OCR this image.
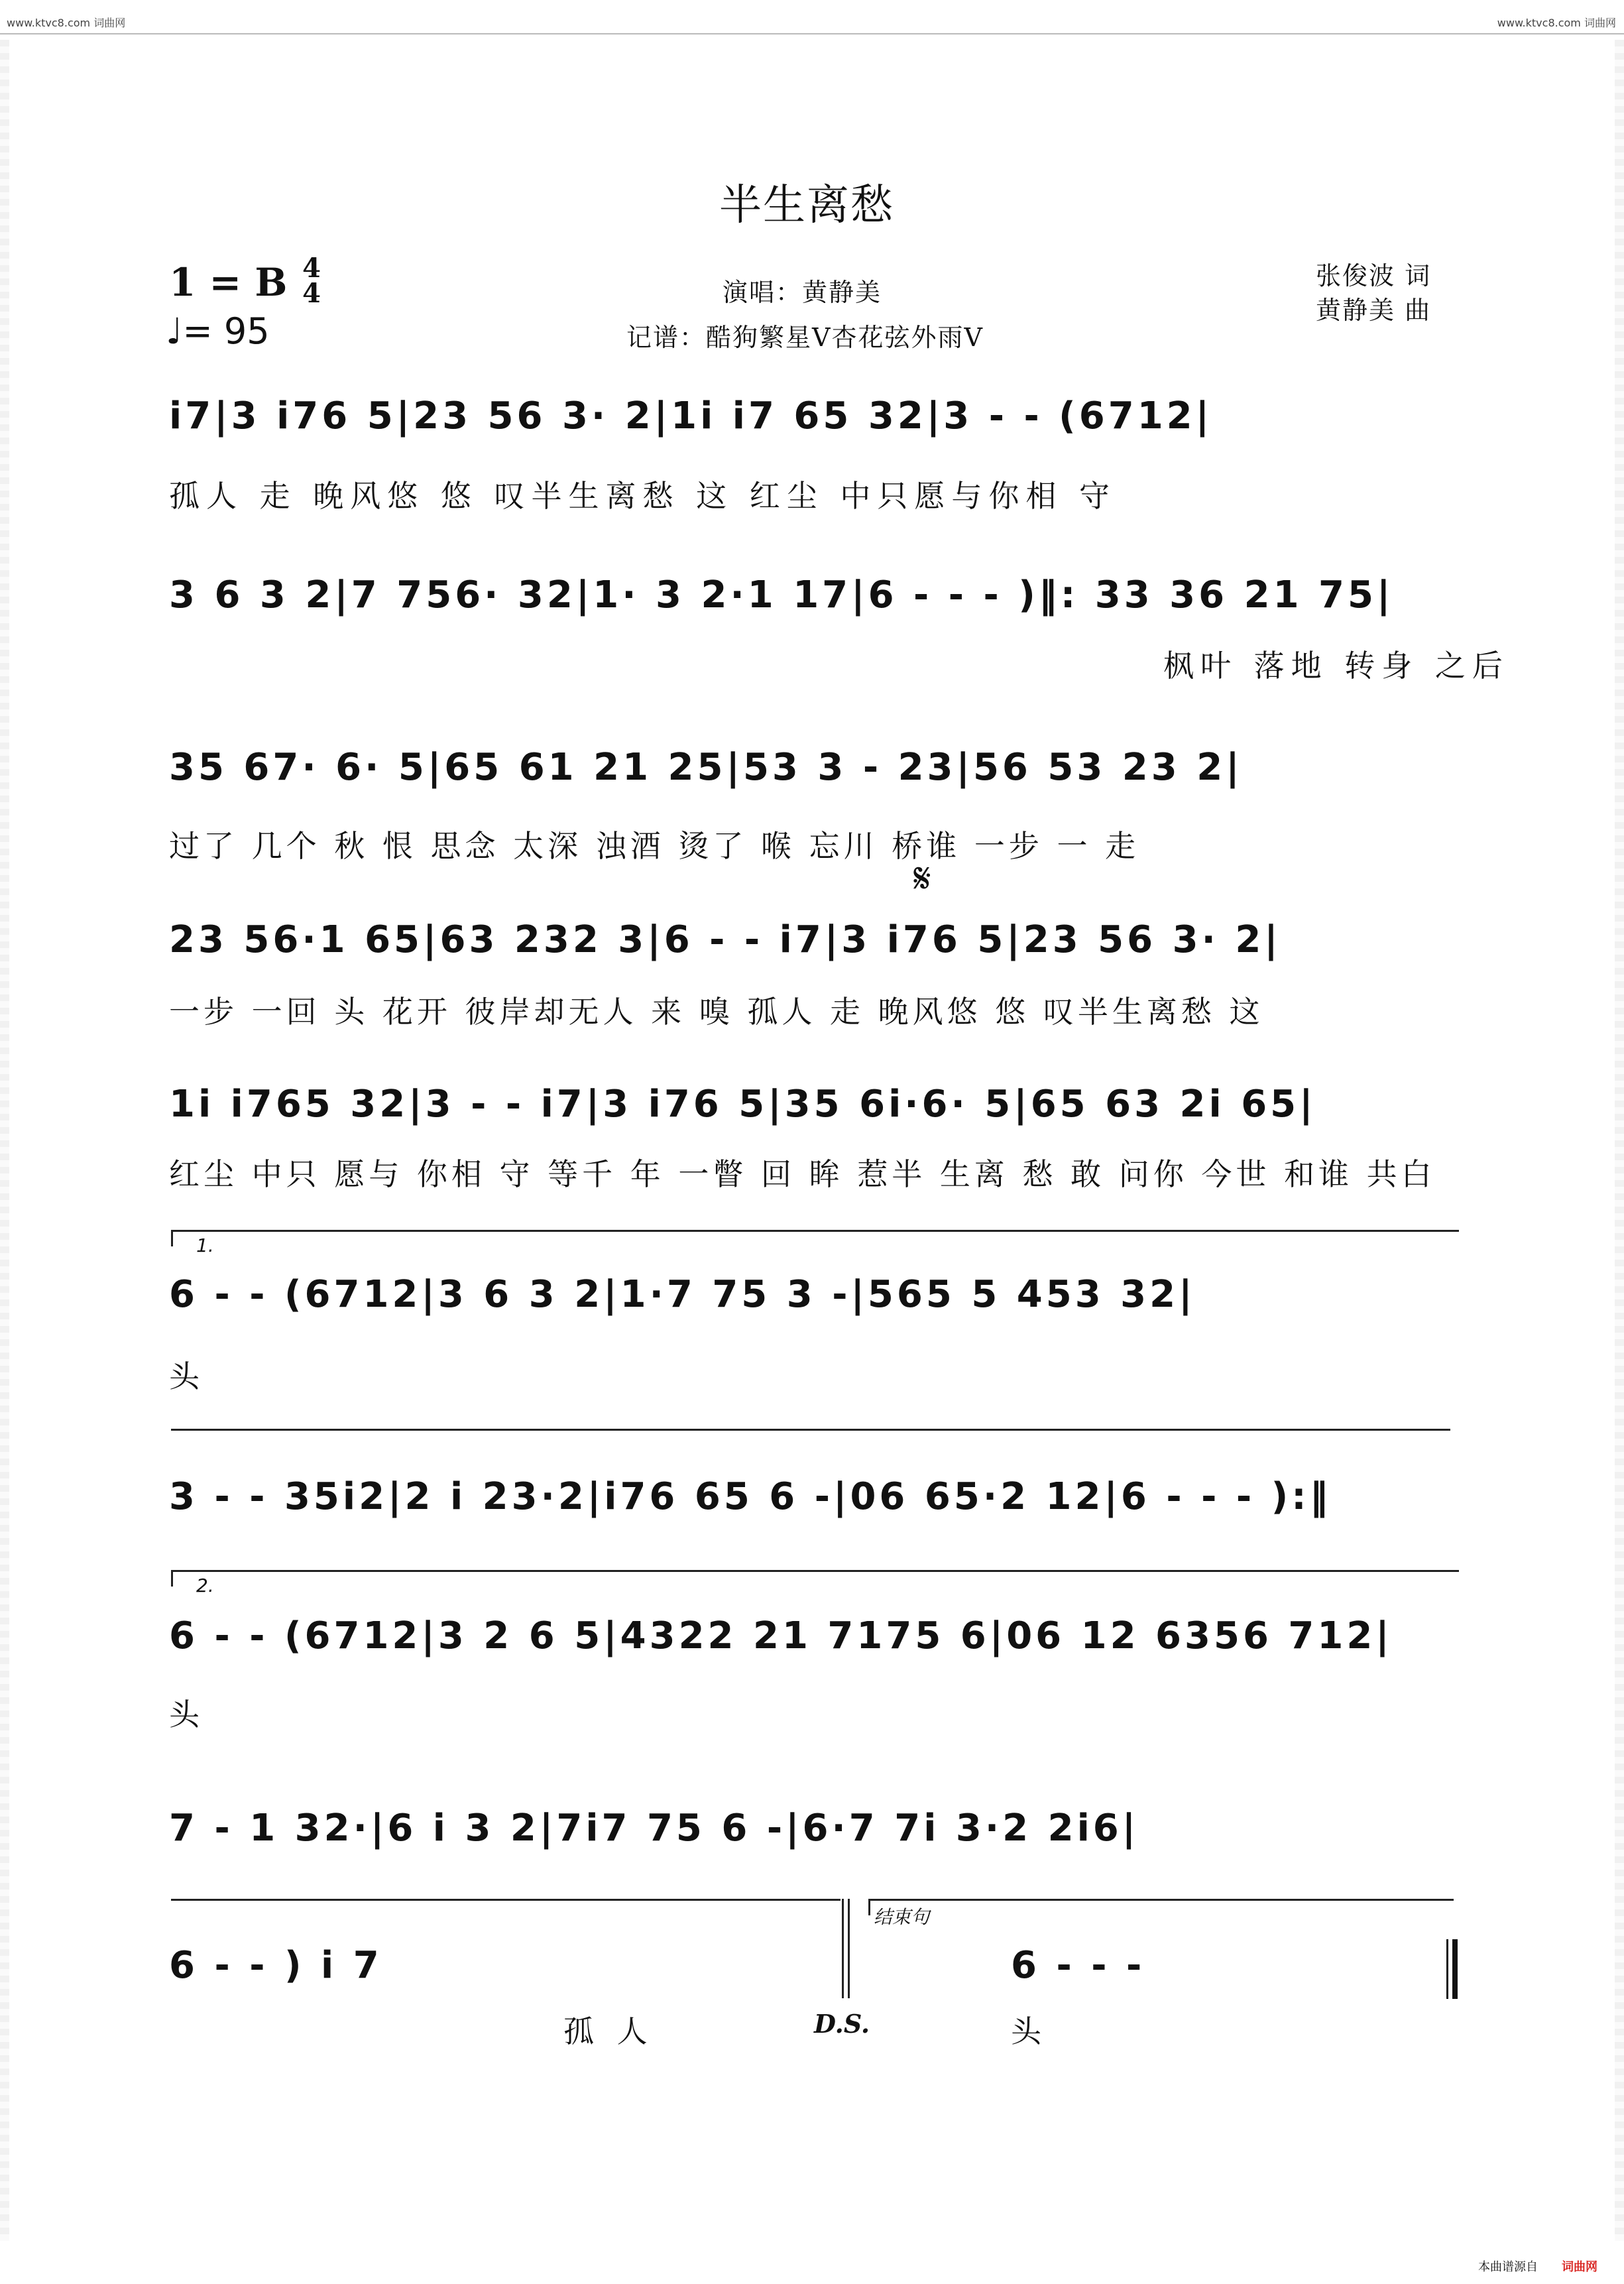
www.ktvc8.com 词曲网	www.ktvc8.com 词曲网
半生离愁
1 = B 4
4
♩= 95
演唱：黄静美
记谱：酷狗繁星V杏花弦外雨V
张俊波 词
黄静美 曲
i7|3 i76 5|23 56 3· 2|1i i7 65 32|3 - - (6712|
孤人 走 晚风悠 悠 叹半生离愁 这 红尘 中只愿与你相 守
3 6 3 2|7 756· 32|1· 3 2·1 17|6 - - - )‖: 33 36 21 75|
枫叶 落地 转身 之后
35 67· 6· 5|65 61 21 25|53 3 - 23|56 53 23 2|
过了 几个 秋 恨 思念 太深 浊酒 烫了 喉 忘川 桥谁 一步 一 走
𝄋
23 56·1 65|63 232 3|6 - - i7|3 i76 5|23 56 3· 2|
一步 一回 头 花开 彼岸却无人 来 嗅 孤人 走 晚风悠 悠 叹半生离愁 这
1i i765 32|3 - - i7|3 i76 5|35 6i·6· 5|65 63 2i 65|
红尘 中只 愿与 你相 守 等千 年 一瞥 回 眸 惹半 生离 愁 敢 问你 今世 和谁 共白
1.
6 - - (6712|3 6 3 2|1·7 75 3 -|565 5 453 32|
头
3 - - 35i2|2 i 23·2|i76 65 6 -|06 65·2 12|6 - - - ):‖
2.
6 - - (6712|3 2 6 5|4322 21 7175 6|06 12 6356 712|
头
7 - 1 32·|6 i 3 2|7i7 75 6 -|6·7 7i 3·2 2i6|
结束句
6 - - ) i 7	6 - - -
孤 人	D.S.	头
本曲谱源自 词曲网
